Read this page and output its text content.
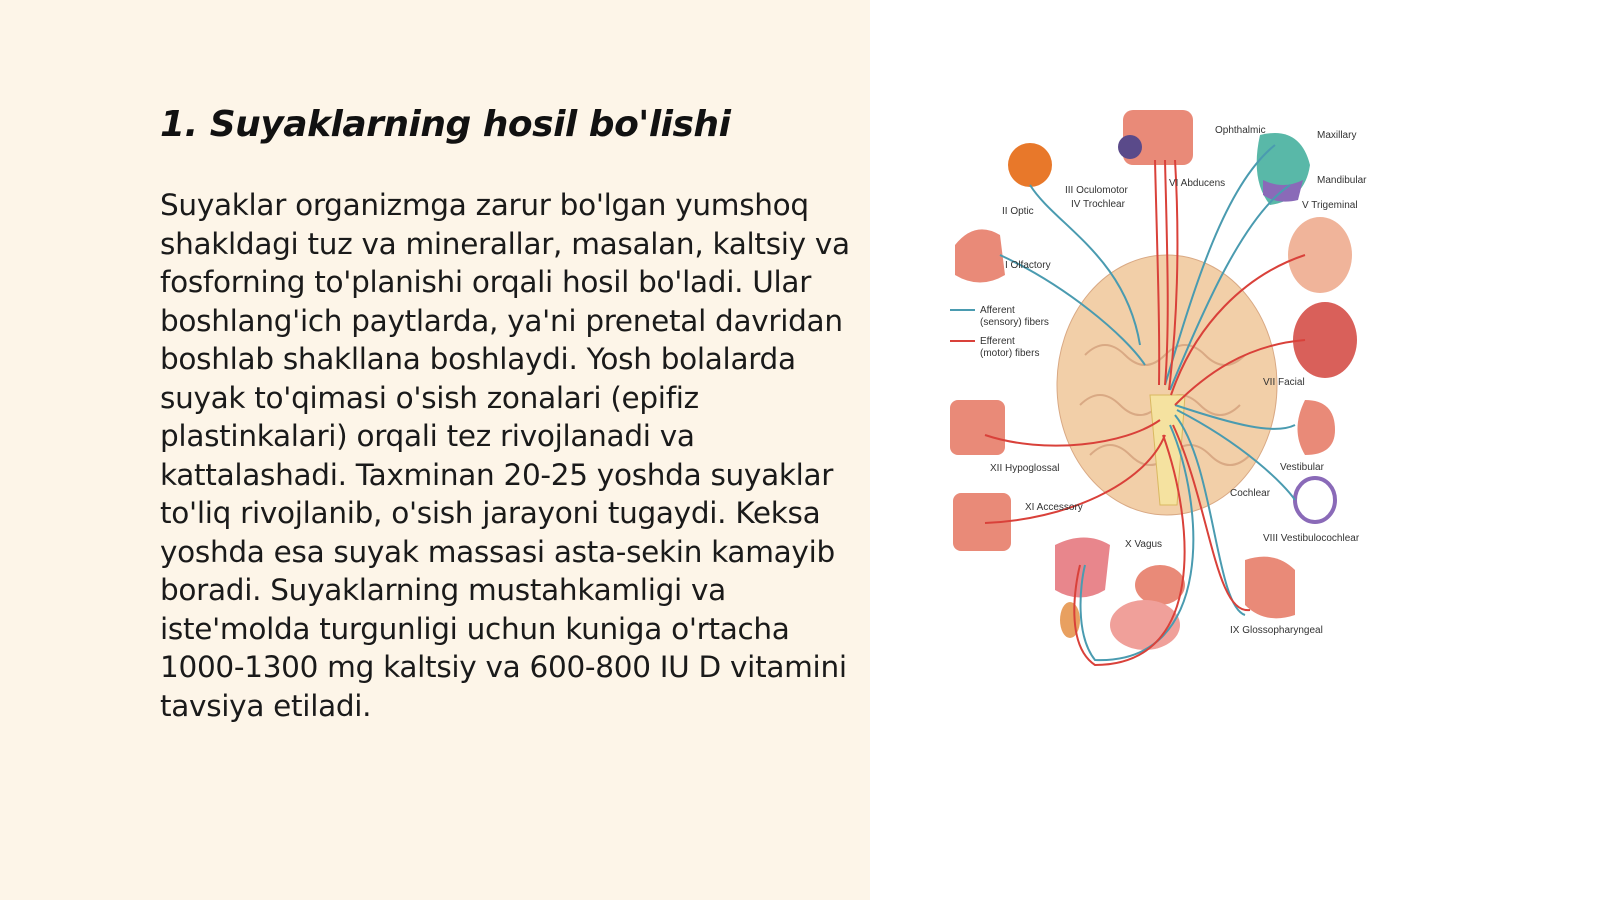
1. Suyaklarning hosil bo'lishi

Suyaklar organizmga zarur bo'lgan yumshoq shakldagi tuz va minerallar, masalan, kaltsiy va fosforning to'planishi orqali hosil bo'ladi. Ular boshlang'ich paytlarda, ya'ni prenetal davridan boshlab shakllana boshlaydi. Yosh bolalarda suyak to'qimasi o'sish zonalari (epifiz plastinkalari) orqali tez rivojlanadi va kattalashadi. Taxminan 20-25 yoshda suyaklar to'liq rivojlanib, o'sish jarayoni tugaydi. Keksa yoshda esa suyak massasi asta-sekin kamayib boradi. Suyaklarning mustahkamligi va iste'molda turgunligi uchun kuniga o'rtacha 1000-1300 mg kaltsiy va 600-800 IU D vitamini tavsiya etiladi.

Ophthalmic	Maxillary
Mandibular
V Trigeminal
III Oculomotor
IV Trochlear
VI Abducens
II Optic
I Olfactory
Afferent
(sensory) fibers
Efferent
(motor) fibers
VII Facial
Vestibular
Cochlear
VIII Vestibulocochlear
XII Hypoglossal
XI Accessory
X Vagus
IX Glossopharyngeal
